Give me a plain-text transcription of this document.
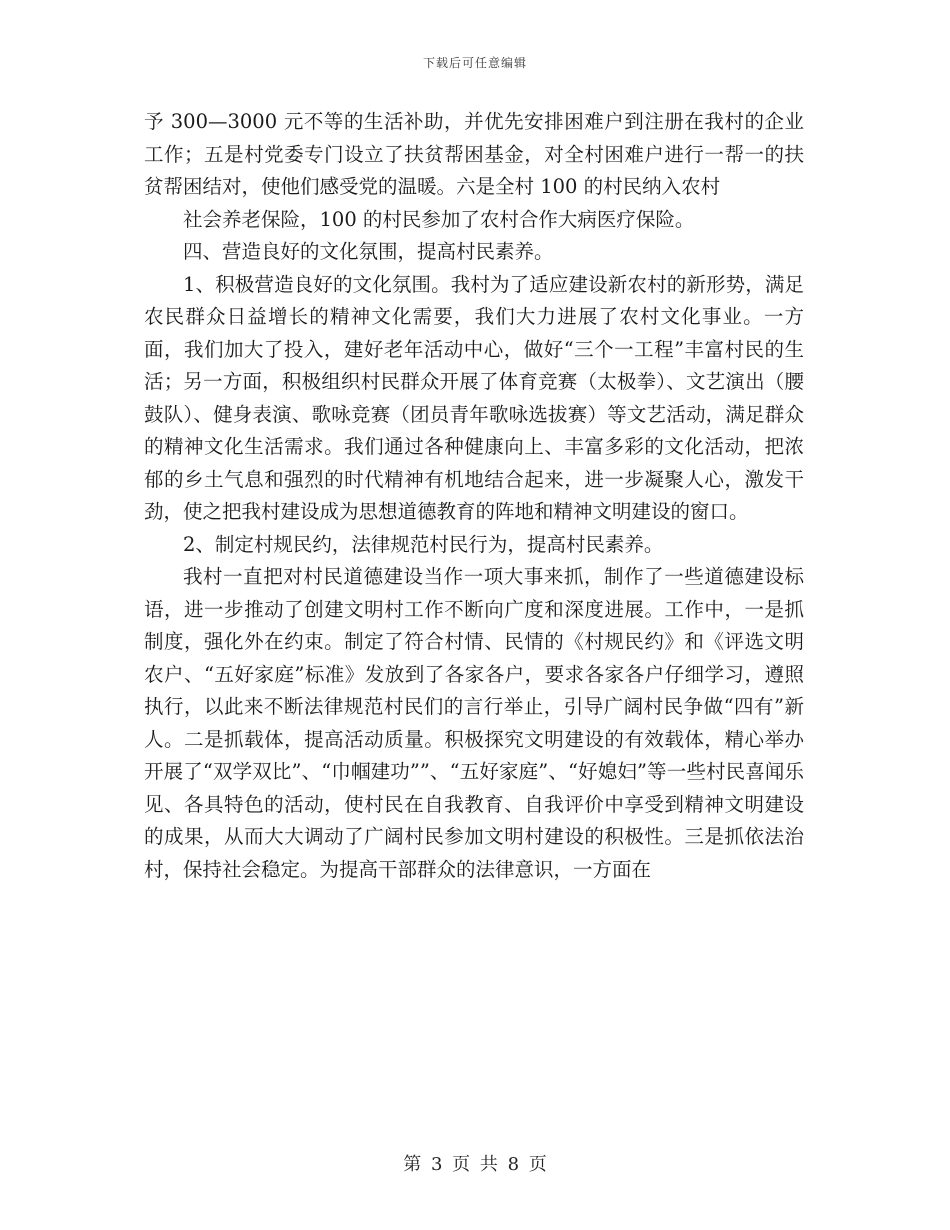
下载后可任意编辑

予 300—3000 元不等的生活补助，并优先安排困难户到注册在我村的企业工作；五是村党委专门设立了扶贫帮困基金，对全村困难户进行一帮一的扶贫帮困结对，使他们感受党的温暖。六是全村 100 的村民纳入农村

社会养老保险，100 的村民参加了农村合作大病医疗保险。

四、营造良好的文化氛围，提高村民素养。

1、积极营造良好的文化氛围。我村为了适应建设新农村的新形势，满足农民群众日益增长的精神文化需要，我们大力进展了农村文化事业。一方面，我们加大了投入，建好老年活动中心，做好“三个一工程”丰富村民的生活；另一方面，积极组织村民群众开展了体育竞赛（太极拳）、文艺演出（腰鼓队）、健身表演、歌咏竞赛（团员青年歌咏选拔赛）等文艺活动，满足群众的精神文化生活需求。我们通过各种健康向上、丰富多彩的文化活动，把浓郁的乡土气息和强烈的时代精神有机地结合起来，进一步凝聚人心，激发干劲，使之把我村建设成为思想道德教育的阵地和精神文明建设的窗口。

2、制定村规民约，法律规范村民行为，提高村民素养。

我村一直把对村民道德建设当作一项大事来抓，制作了一些道德建设标语，进一步推动了创建文明村工作不断向广度和深度进展。工作中，一是抓制度，强化外在约束。制定了符合村情、民情的《村规民约》和《评选文明农户、“五好家庭”标准》发放到了各家各户，要求各家各户仔细学习，遵照执行，以此来不断法律规范村民们的言行举止，引导广阔村民争做“四有”新人。二是抓载体，提高活动质量。积极探究文明建设的有效载体，精心举办开展了“双学双比”、“巾帼建功””、“五好家庭”、“好媳妇”等一些村民喜闻乐见、各具特色的活动，使村民在自我教育、自我评价中享受到精神文明建设的成果，从而大大调动了广阔村民参加文明村建设的积极性。三是抓依法治村，保持社会稳定。为提高干部群众的法律意识，一方面在

第 3 页 共 8 页
